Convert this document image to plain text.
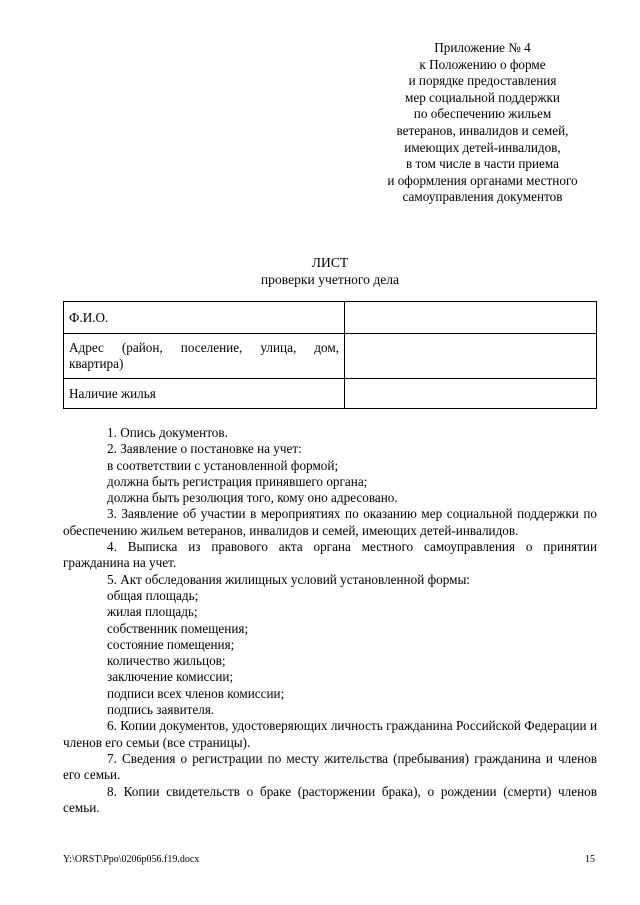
Приложение № 4
к Положению о форме
и порядке предоставления
мер социальной поддержки
по обеспечению жильем
ветеранов, инвалидов и семей,
имеющих детей-инвалидов,
в том числе в части приема
и оформления органами местного
самоуправления документов
ЛИСТ
проверки учетного дела
Ф.И.О.	

Адрес (район, поселение, улица, дом,
квартира)	

Наличие жилья	

1. Опись документов.

2. Заявление о постановке на учет:

в соответствии с установленной формой;

должна быть регистрация принявшего органа;

должна быть резолюция того, кому оно адресовано.

3. Заявление об участии в мероприятиях по оказанию мер социальной поддержки по обеспечению жильем ветеранов, инвалидов и семей, имеющих детей-инвалидов.

4. Выписка из правового акта органа местного самоуправления о принятии гражданина на учет.

5. Акт обследования жилищных условий установленной формы:

общая площадь;

жилая площадь;

собственник помещения;

состояние помещения;

количество жильцов;

заключение комиссии;

подписи всех членов комиссии;

подпись заявителя.

6. Копии документов, удостоверяющих личность гражданина Российской Федерации и членов его семьи (все страницы).

7. Сведения о регистрации по месту жительства (пребывания) гражданина и членов его семьи.

8. Копии свидетельств о браке (расторжении брака), о рождении (смерти) членов семьи.

Y:\ORST\Ppo\0206p056.f19.docx	15
